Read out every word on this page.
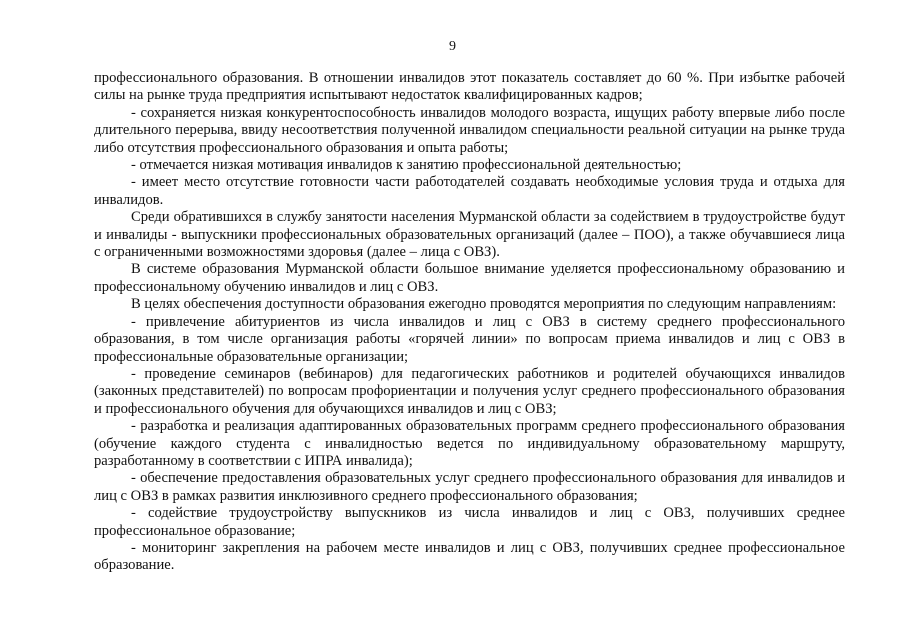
9

профессионального образования. В отношении инвалидов этот показатель составляет до 60 %. При избытке рабочей силы на рынке труда предприятия испытывают недостаток квалифицированных кадров;

- сохраняется низкая конкурентоспособность инвалидов молодого возраста, ищущих работу впервые либо после длительного перерыва, ввиду несоответствия полученной инвалидом специальности реальной ситуации на рынке труда либо отсутствия профессионального образования и опыта работы;

- отмечается низкая мотивация инвалидов к занятию профессиональной деятельностью;

- имеет место отсутствие готовности части работодателей создавать необходимые условия труда и отдыха для инвалидов.

Среди обратившихся в службу занятости населения Мурманской области за содействием в трудоустройстве будут и инвалиды - выпускники профессиональных образовательных организаций (далее – ПОО), а также обучавшиеся лица с ограниченными возможностями здоровья (далее – лица с ОВЗ).

В системе образования Мурманской области большое внимание уделяется профессиональному образованию и профессиональному обучению инвалидов и лиц с ОВЗ.

В целях обеспечения доступности образования ежегодно проводятся мероприятия по следующим направлениям:

- привлечение абитуриентов из числа инвалидов и лиц с ОВЗ в систему среднего профессионального образования, в том числе организация работы «горячей линии» по вопросам приема инвалидов и лиц с ОВЗ в профессиональные образовательные организации;

- проведение семинаров (вебинаров) для педагогических работников и родителей обучающихся инвалидов (законных представителей) по вопросам профориентации и получения услуг среднего профессионального образования и профессионального обучения для обучающихся инвалидов и лиц с ОВЗ;

- разработка и реализация адаптированных образовательных программ среднего профессионального образования (обучение каждого студента с инвалидностью ведется по индивидуальному образовательному маршруту, разработанному в соответствии с ИПРА инвалида);

- обеспечение предоставления образовательных услуг среднего профессионального образования для инвалидов и лиц с ОВЗ в рамках развития инклюзивного среднего профессионального образования;

- содействие трудоустройству выпускников из числа инвалидов и лиц с ОВЗ, получивших среднее профессиональное образование;

- мониторинг закрепления на рабочем месте инвалидов и лиц с ОВЗ, получивших среднее профессиональное образование.
